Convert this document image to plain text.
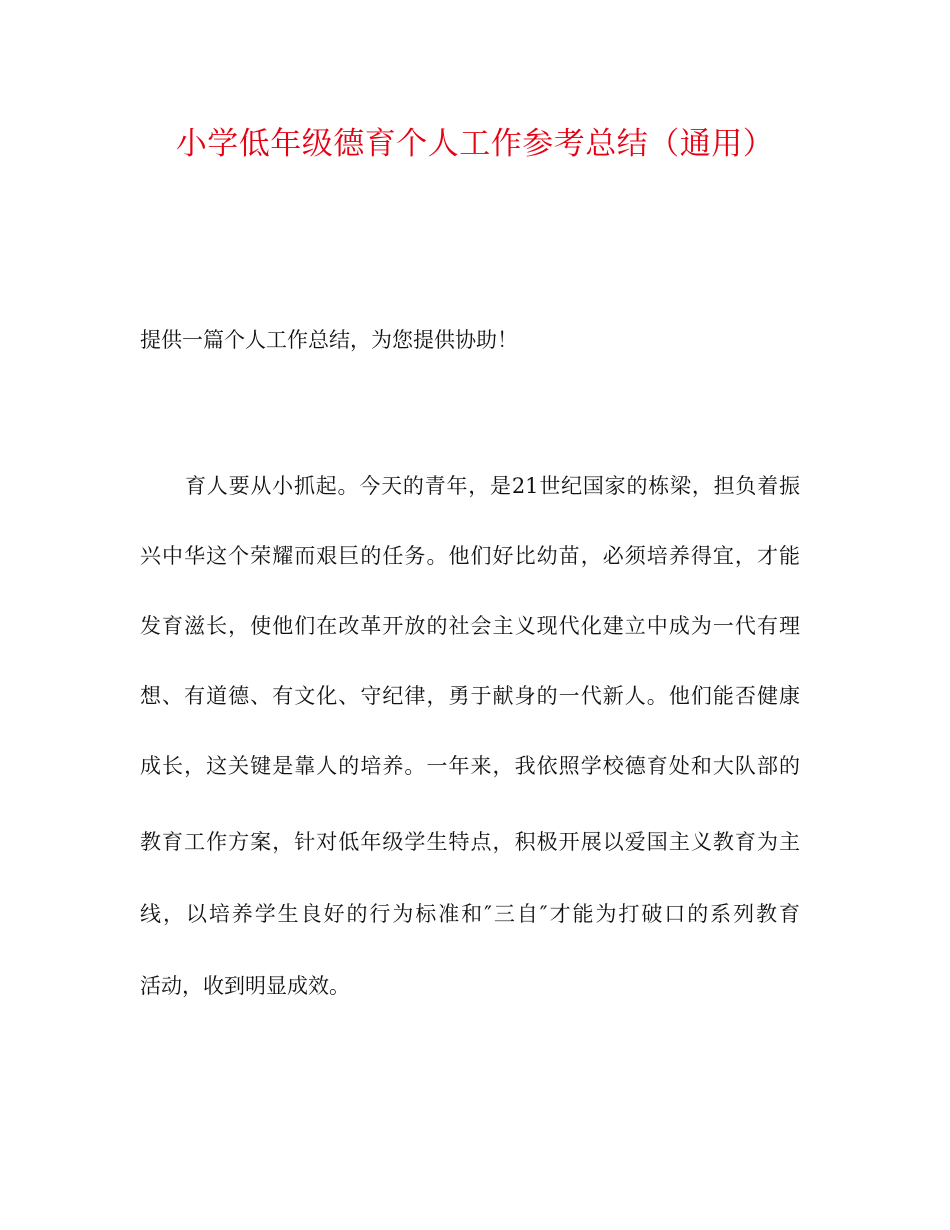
小学低年级德育个人工作参考总结（通用）
提供一篇个人工作总结，为您提供协助！
育人要从小抓起。今天的青年，是21世纪国家的栋梁，担负着振
兴中华这个荣耀而艰巨的任务。他们好比幼苗，必须培养得宜，才能
发育滋长，使他们在改革开放的社会主义现代化建立中成为一代有理
想、有道德、有文化、守纪律，勇于献身的一代新人。他们能否健康
成长，这关键是靠人的培养。一年来，我依照学校德育处和大队部的
教育工作方案，针对低年级学生特点，积极开展以爱国主义教育为主
线，以培养学生良好的行为标准和″三自″才能为打破口的系列教育
活动，收到明显成效。
